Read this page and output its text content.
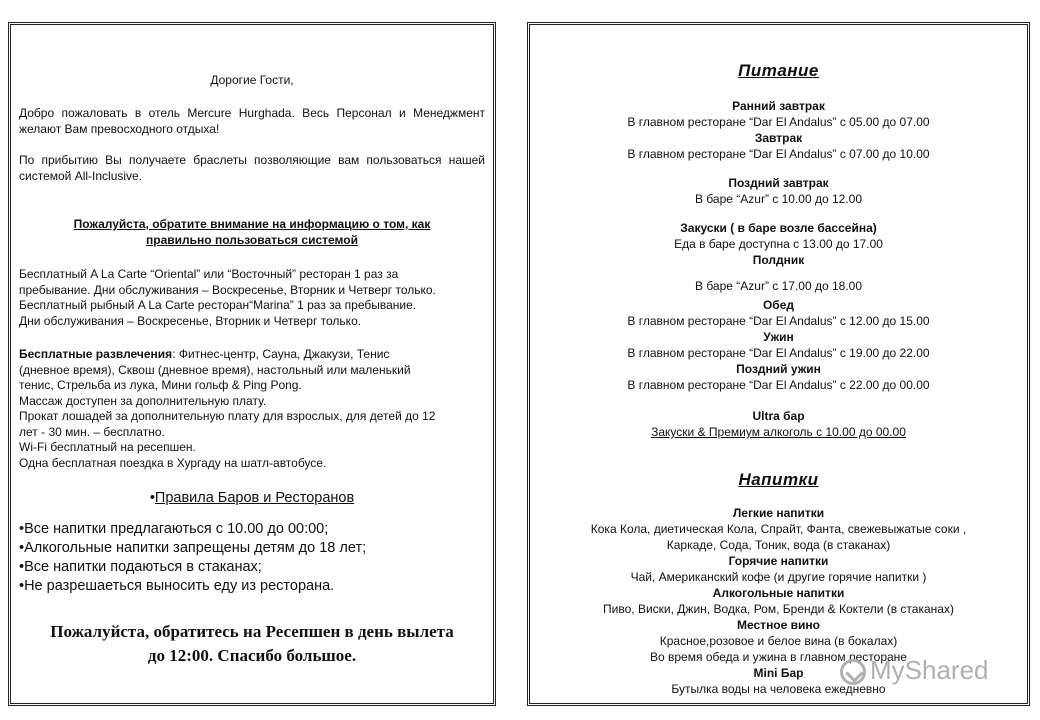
Дорогие Гости,
Добро пожаловать в отель Mercure Hurghada. Весь Персонал и Менеджмент желают Вам превосходного отдыха!
По прибытию Вы получаете браслеты позволяющие вам пользоваться нашей системой All-Inclusive.
Пожалуйста, обратите внимание на информацию о том, как
правильно пользоваться системой
Бесплатный A La Carte “Oriental” или “Восточный” ресторан 1 раз за
пребывание. Дни обслуживания – Воскресенье, Вторник и Четверг только.
Бесплатный рыбный A La Carte ресторан“Marina” 1 раз за пребывание.
Дни обслуживания – Воскресенье, Вторник и Четверг только.
Бесплатные развлечения: Фитнес-центр, Сауна, Джакузи, Тенис
(дневное время), Сквош (дневное время), настольный или маленький
тенис, Стрельба из лука, Мини гольф & Ping Pong.
Массаж доступен за дополнительную плату.
Прокат лошадей за дополнительную плату для взрослых, для детей до 12
лет - 30 мин. – бесплатно.
Wi-Fi бесплатный на ресепшен.
Одна бесплатная поездка в Хургаду на шатл-автобусе.
•Правила Баров и Ресторанов
•Все напитки предлагаються с 10.00 до 00:00;
•Алкогольные напитки запрещены детям до 18 лет;
•Все напитки подаються в стаканах;
•Не разрешаеться выносить еду из ресторана.
Пожалуйста, обратитесь на Ресепшен в день вылета
до 12:00. Спасибо большое.
Питание
Ранний завтрак
В главном ресторане “Dar El Andalus” с 05.00 до 07.00
Завтрак
В главном ресторане “Dar El Andalus” с 07.00 до 10.00
Поздний завтрак
В баре “Azur” с 10.00 до 12.00
Закуски ( в баре возле бассейна)
Еда в баре доступна с 13.00 до 17.00
Полдник
В баре “Azur” с 17.00 до 18.00
Обед
В главном ресторане “Dar El Andalus” с 12.00 до 15.00
Ужин
В главном ресторане “Dar El Andalus” с 19.00 до 22.00
Поздний ужин
В главном ресторане “Dar El Andalus” с 22.00 до 00.00
Ultra бар
Закуски & Премиум алкоголь с 10.00 до 00.00
Напитки
Легкие напитки
Кока Кола, диетическая Кола, Спрайт, Фанта, свежевыжатые соки ,
Каркаде, Сода, Тоник, вода (в стаканах)
Горячие напитки
Чай, Американский кофе (и другие горячие напитки )
Алкогольные напитки
Пиво, Виски, Джин, Водка, Ром, Бренди & Коктели (в стаканах)
Местное вино
Красное,розовое и белое вина (в бокалах)
Во время обеда и ужина в главном ресторане
Mini Бар
Бутылка воды на человека ежедневно
MyShared
